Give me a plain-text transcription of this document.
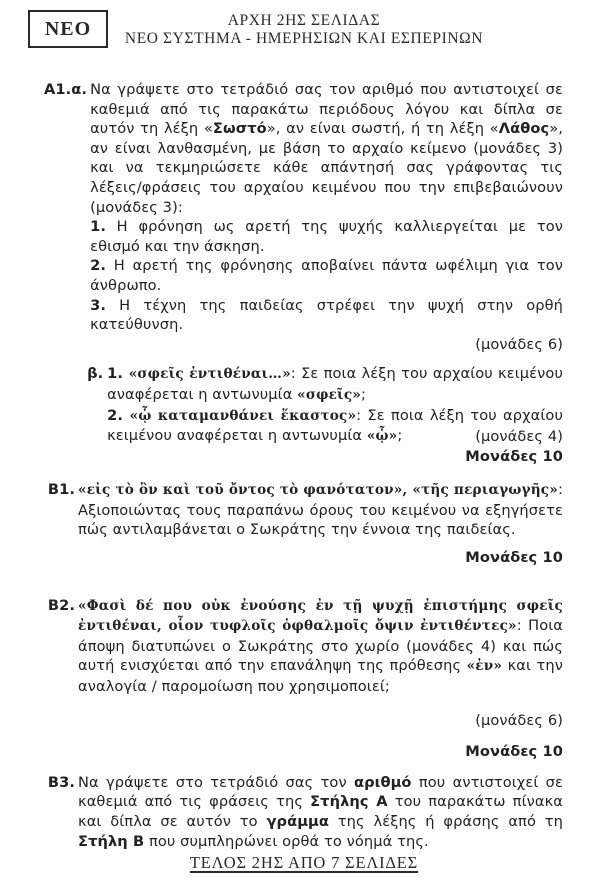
ΝΕΟ	ΑΡΧΗ 2ΗΣ ΣΕΛΙΔΑΣ
ΝΕΟ ΣΥΣΤΗΜΑ - ΗΜΕΡΗΣΙΩΝ ΚΑΙ ΕΣΠΕΡΙΝΩΝ
Α1.α. Να γράψετε στο τετράδιό σας τον αριθμό που αντιστοιχεί σε καθεμιά από τις παρακάτω περιόδους λόγου και δίπλα σε αυτόν τη λέξη «Σωστό», αν είναι σωστή, ή τη λέξη «Λάθος», αν είναι λανθασμένη, με βάση το αρχαίο κείμενο (μονάδες 3) και να τεκμηριώσετε κάθε απάντησή σας γράφοντας τις λέξεις/φράσεις του αρχαίου κειμένου που την επιβεβαιώνουν (μονάδες 3):

1. Η φρόνηση ως αρετή της ψυχής καλλιεργείται με τον εθισμό και την άσκηση.

2. Η αρετή της φρόνησης αποβαίνει πάντα ωφέλιμη για τον άνθρωπο.

3. Η τέχνη της παιδείας στρέφει την ψυχή στην ορθή κατεύθυνση.

(μονάδες 6)

β. 1. «σφεῖς ἐντιθέναι…»: Σε ποια λέξη του αρχαίου κειμένου αναφέρεται η αντωνυμία «σφεῖς»;

2. «ᾧ καταμανθάνει ἕκαστος»: Σε ποια λέξη του αρχαίου κειμένου αναφέρεται η αντωνυμία «ᾧ»;	(μονάδες 4)

Μονάδες 10

Β1. «εἰς τὸ ὂν καὶ τοῦ ὄντος τὸ φανότατον», «τῆς περιαγωγῆς»: Αξιοποιώντας τους παραπάνω όρους του κειμένου να εξηγήσετε πώς αντιλαμβάνεται ο Σωκράτης την έννοια της παιδείας.

Μονάδες 10

Β2. «Φασὶ δέ που οὐκ ἐνούσης ἐν τῇ ψυχῇ ἐπιστήμης σφεῖς ἐντιθέναι, οἷον τυφλοῖς ὀφθαλμοῖς ὄψιν ἐντιθέντες»: Ποια άποψη διατυπώνει ο Σωκράτης στο χωρίο (μονάδες 4) και πώς αυτή ενισχύεται από την επανάληψη της πρόθεσης «ἐν» και την αναλογία / παρομοίωση που χρησιμοποιεί;

(μονάδες 6)

Μονάδες 10

Β3. Να γράψετε στο τετράδιό σας τον αριθμό που αντιστοιχεί σε καθεμιά από τις φράσεις της Στήλης Α του παρακάτω πίνακα και δίπλα σε αυτόν το γράμμα της λέξης ή φράσης από τη Στήλη Β που συμπληρώνει ορθά το νόημά της.

ΤΕΛΟΣ 2ΗΣ ΑΠΟ 7 ΣΕΛΙΔΕΣ
